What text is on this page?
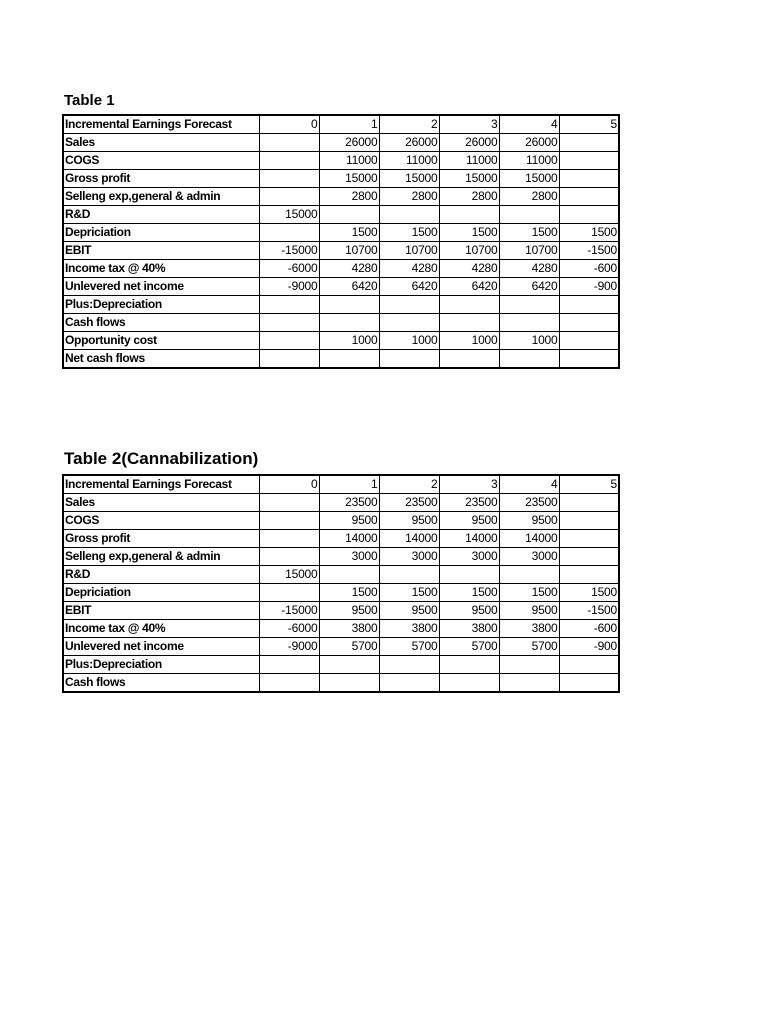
Table 1
Incremental Earnings Forecast	0	1	2	3	4	5
Sales		26000	26000	26000	26000	
COGS		11000	11000	11000	11000	
Gross profit		15000	15000	15000	15000	
Selleng exp,general & admin		2800	2800	2800	2800	
R&D	15000					
Depriciation		1500	1500	1500	1500	1500
EBIT	-15000	10700	10700	10700	10700	-1500
Income tax @ 40%	-6000	4280	4280	4280	4280	-600
Unlevered net income	-9000	6420	6420	6420	6420	-900
Plus:Depreciation						
Cash flows						
Opportunity cost		1000	1000	1000	1000	
Net cash flows						
Table 2(Cannabilization)
Incremental Earnings Forecast	0	1	2	3	4	5
Sales		23500	23500	23500	23500	
COGS		9500	9500	9500	9500	
Gross profit		14000	14000	14000	14000	
Selleng exp,general & admin		3000	3000	3000	3000	
R&D	15000					
Depriciation		1500	1500	1500	1500	1500
EBIT	-15000	9500	9500	9500	9500	-1500
Income tax @ 40%	-6000	3800	3800	3800	3800	-600
Unlevered net income	-9000	5700	5700	5700	5700	-900
Plus:Depreciation						
Cash flows						
